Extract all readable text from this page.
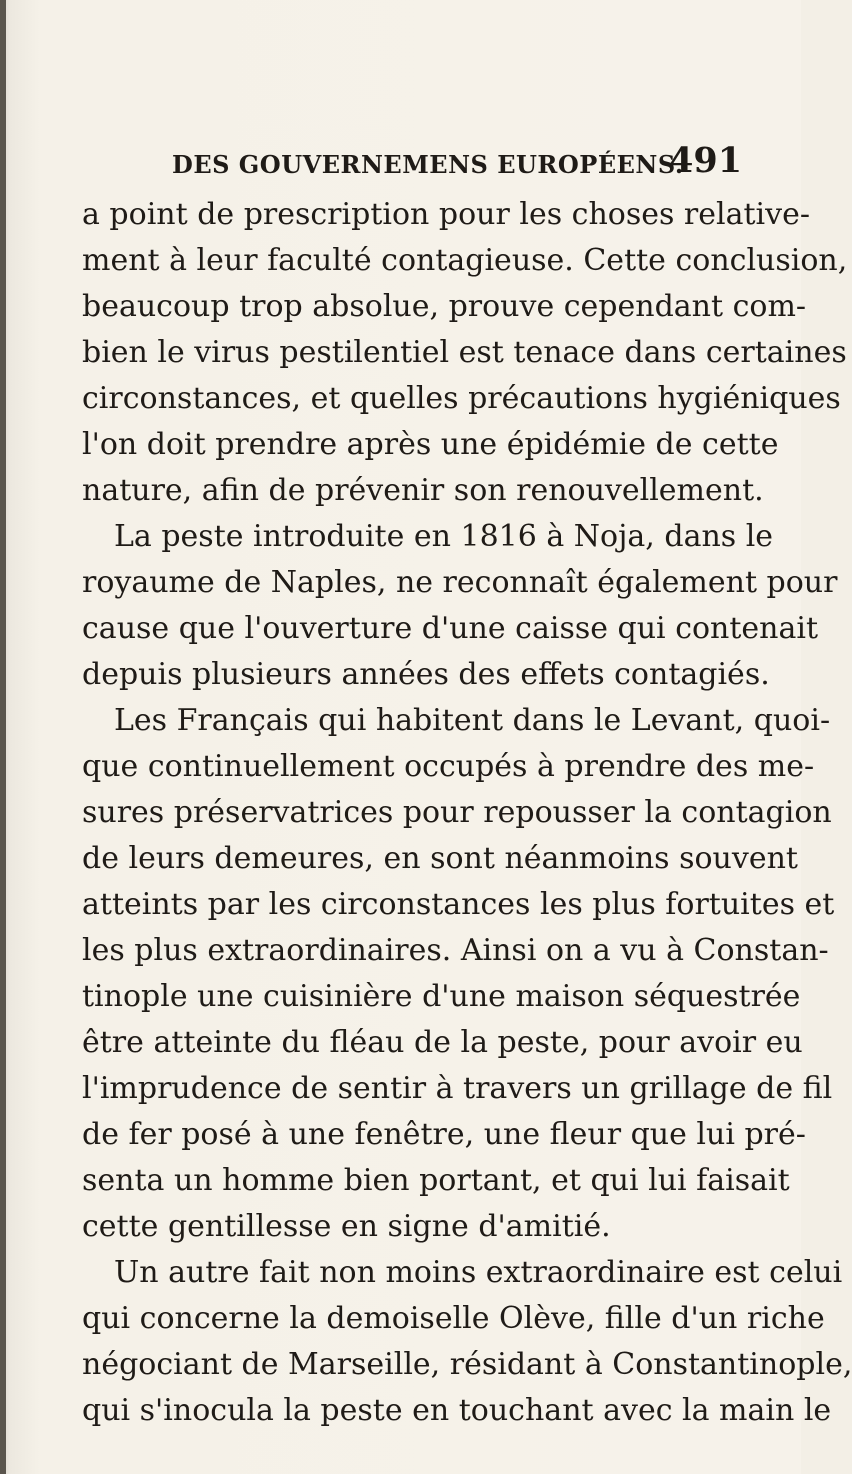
DES GOUVERNEMENS EUROPÉENS.
491
a point de prescription pour les choses relative-
ment à leur faculté contagieuse. Cette conclusion,
beaucoup trop absolue, prouve cependant com-
bien le virus pestilentiel est tenace dans certaines
circonstances, et quelles précautions hygiéniques
l'on doit prendre après une épidémie de cette
nature, afin de prévenir son renouvellement.
La peste introduite en 1816 à Noja, dans le
royaume de Naples, ne reconnaît également pour
cause que l'ouverture d'une caisse qui contenait
depuis plusieurs années des effets contagiés.
Les Français qui habitent dans le Levant, quoi-
que continuellement occupés à prendre des me-
sures préservatrices pour repousser la contagion
de leurs demeures, en sont néanmoins souvent
atteints par les circonstances les plus fortuites et
les plus extraordinaires. Ainsi on a vu à Constan-
tinople une cuisinière d'une maison séquestrée
être atteinte du fléau de la peste, pour avoir eu
l'imprudence de sentir à travers un grillage de fil
de fer posé à une fenêtre, une fleur que lui pré-
senta un homme bien portant, et qui lui faisait
cette gentillesse en signe d'amitié.
Un autre fait non moins extraordinaire est celui
qui concerne la demoiselle Olève, fille d'un riche
négociant de Marseille, résidant à Constantinople,
qui s'inocula la peste en touchant avec la main le
